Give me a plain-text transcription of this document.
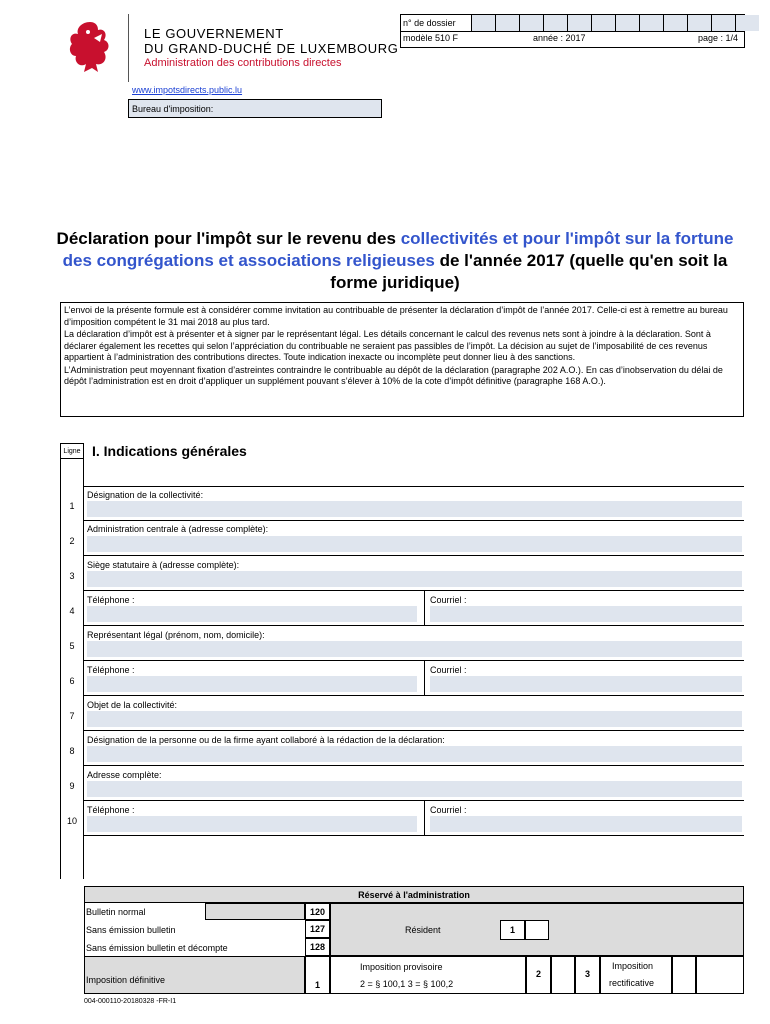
LE GOUVERNEMENT
DU GRAND-DUCHÉ DE LUXEMBOURG
Administration des contributions directes
www.impotsdirects.public.lu
Bureau d'imposition:
n° de dossier
modèle 510 F	année : 2017	page : 1/4
Déclaration pour l'impôt sur le revenu des collectivités et pour l'impôt sur la fortune des congrégations et associations religieuses de l'année 2017 (quelle qu'en soit la forme juridique)

L’envoi de la présente formule est à considérer comme invitation au contribuable de présenter la déclaration d’impôt de l’année 2017. Celle-ci est à remettre au bureau d’imposition compétent le 31 mai 2018 au plus tard.

La déclaration d’impôt est à présenter et à signer par le représentant légal. Les détails concernant le calcul des revenus nets sont à joindre à la déclaration. Sont à déclarer également les recettes qui selon l’appréciation du contribuable ne seraient pas passibles de l’impôt. La décision au sujet de l’imposabilité de ces revenus appartient à l’administration des contributions directes. Toute indication inexacte ou incomplète peut donner lieu à des sanctions.

L’Administration peut moyennant fixation d’astreintes contraindre le contribuable au dépôt de la déclaration (paragraphe 202 A.O.). En cas d’inobservation du délai de dépôt l’administration est en droit d’appliquer un supplément pouvant s’élever à 10% de la cote d’impôt définitive (paragraphe 168 A.O.).

Ligne I. Indications générales
Désignation de la collectivité:
1
Administration centrale à (adresse complète):
2
Siège statutaire à (adresse complète):
3
Téléphone :	Courriel :
4
Représentant légal (prénom, nom, domicile):
5
Téléphone :	Courriel :
6
Objet de la collectivité:
7
Désignation de la personne ou de la firme ayant collaboré à la rédaction de la déclaration:
8
Adresse complète:
9
Téléphone :	Courriel :
10
Réservé à l'administration
Bulletin normal	120
Sans émission bulletin	127
Sans émission bulletin et décompte	128
Résident	1
Imposition définitive	1
Imposition provisoire
2 = § 100,1 3 = § 100,2
2	3
Imposition
rectificative
004-000110-20180328 -FR-I1
